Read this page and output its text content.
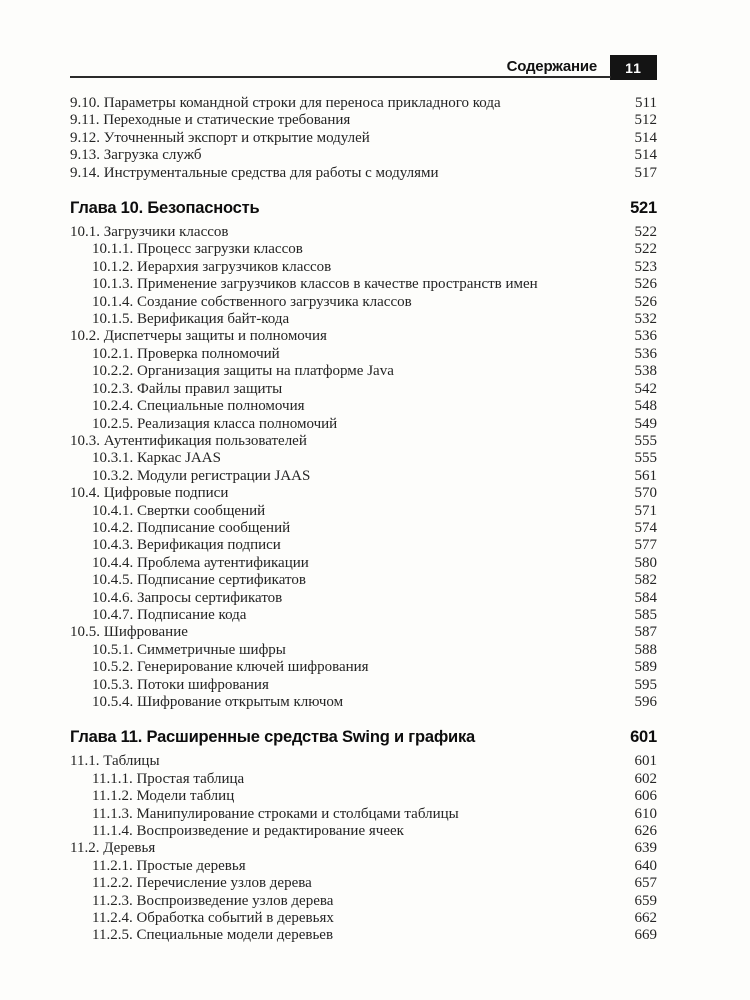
Содержание 11
9.10. Параметры командной строки для переноса прикладного кода	511
9.11. Переходные и статические требования	512
9.12. Уточненный экспорт и открытие модулей	514
9.13. Загрузка служб	514
9.14. Инструментальные средства для работы с модулями	517
Глава 10. Безопасность	521
10.1. Загрузчики классов	522
10.1.1. Процесс загрузки классов	522
10.1.2. Иерархия загрузчиков классов	523
10.1.3. Применение загрузчиков классов в качестве пространств имен	526
10.1.4. Создание собственного загрузчика классов	526
10.1.5. Верификация байт-кода	532
10.2. Диспетчеры защиты и полномочия	536
10.2.1. Проверка полномочий	536
10.2.2. Организация защиты на платформе Java	538
10.2.3. Файлы правил защиты	542
10.2.4. Специальные полномочия	548
10.2.5. Реализация класса полномочий	549
10.3. Аутентификация пользователей	555
10.3.1. Каркас JAAS	555
10.3.2. Модули регистрации JAAS	561
10.4. Цифровые подписи	570
10.4.1. Свертки сообщений	571
10.4.2. Подписание сообщений	574
10.4.3. Верификация подписи	577
10.4.4. Проблема аутентификации	580
10.4.5. Подписание сертификатов	582
10.4.6. Запросы сертификатов	584
10.4.7. Подписание кода	585
10.5. Шифрование	587
10.5.1. Симметричные шифры	588
10.5.2. Генерирование ключей шифрования	589
10.5.3. Потоки шифрования	595
10.5.4. Шифрование открытым ключом	596
Глава 11. Расширенные средства Swing и графика	601
11.1. Таблицы	601
11.1.1. Простая таблица	602
11.1.2. Модели таблиц	606
11.1.3. Манипулирование строками и столбцами таблицы	610
11.1.4. Воспроизведение и редактирование ячеек	626
11.2. Деревья	639
11.2.1. Простые деревья	640
11.2.2. Перечисление узлов дерева	657
11.2.3. Воспроизведение узлов дерева	659
11.2.4. Обработка событий в деревьях	662
11.2.5. Специальные модели деревьев	669
